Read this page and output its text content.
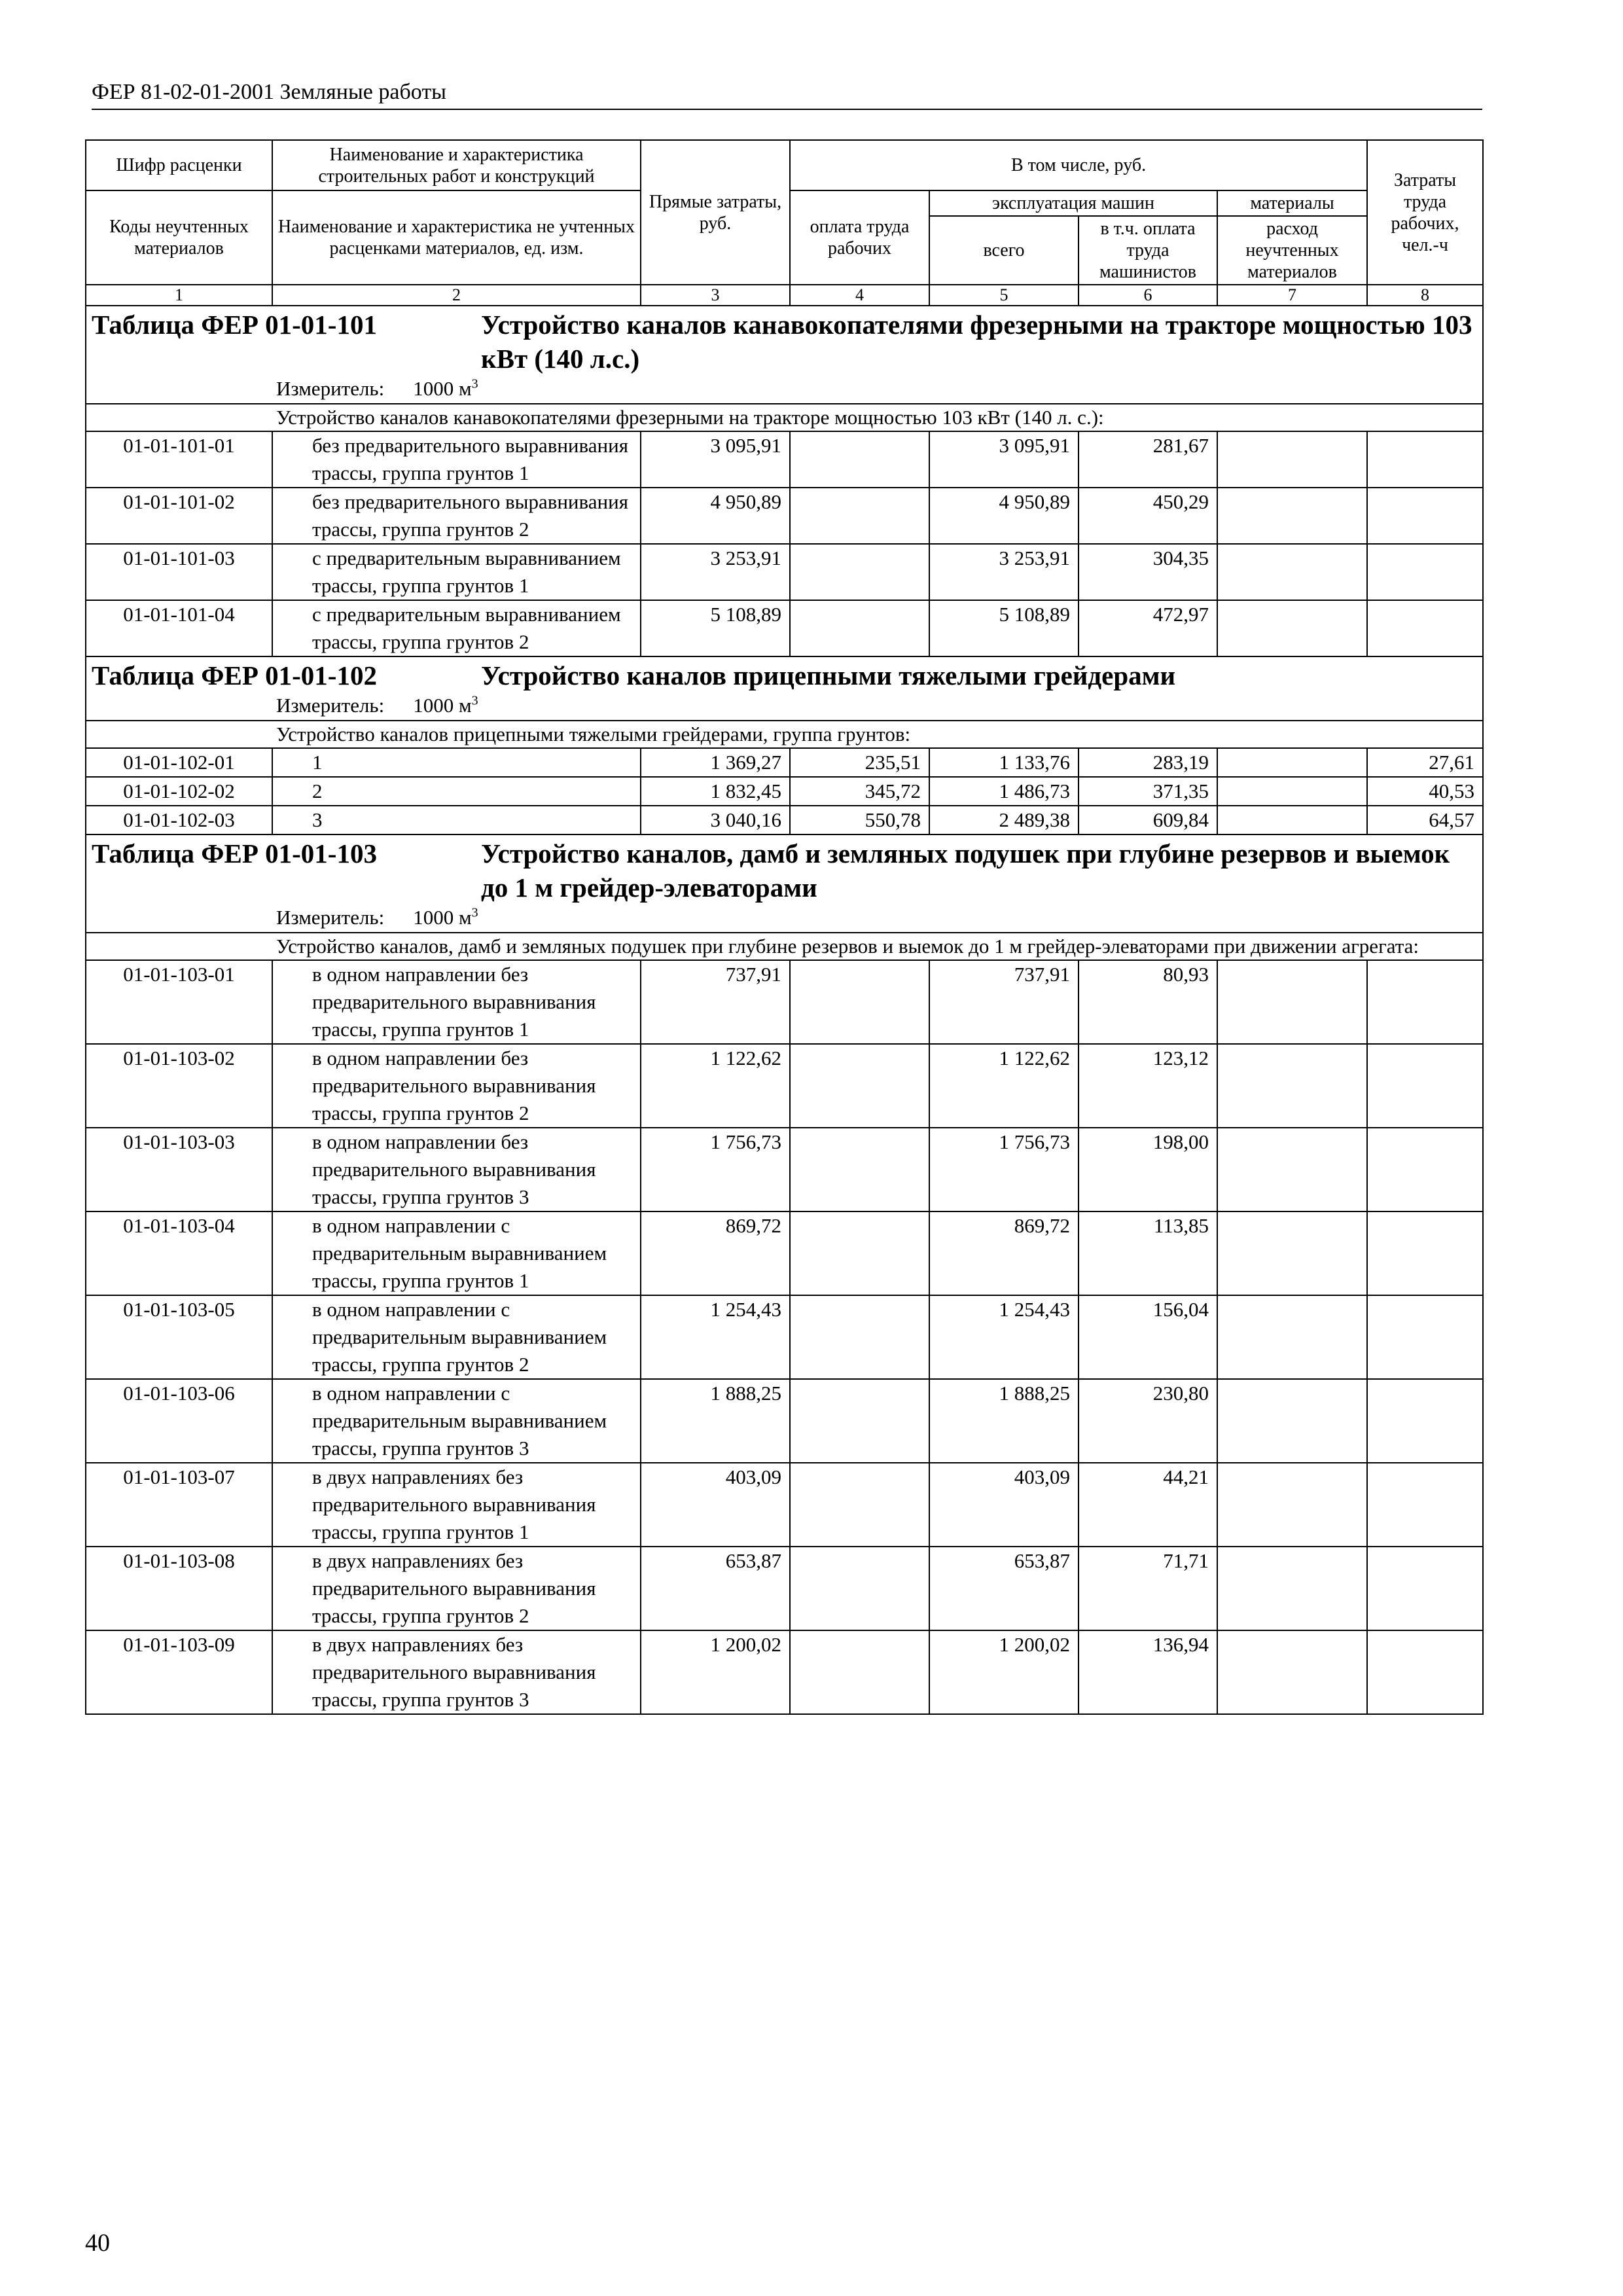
ФЕР 81-02-01-2001 Земляные работы
Шифр расценки	Наименование и характеристика строительных работ и конструкций	Прямые затраты, руб.	В том числе, руб.				Затраты труда рабочих, чел.-ч
Коды неучтенных материалов	Наименование и характеристика не учтенных расценками материалов, ед. изм.		оплата труда рабочих	эксплуатация машин		материалы	
				всего	в т.ч. оплата труда машинистов	расход неучтенных материалов	
1	2	3	4	5	6	7	8

Таблица ФЕР 01-01-101 Устройство каналов канавокопателями фрезерными на тракторе мощностью 103 кВт (140 л.с.)							

Измеритель: 1000 $м^3$
Устройство каналов канавокопателями фрезерными на тракторе мощностью 103 кВт (140 л. с.):							
01-01-101-01	без предварительного выравнивания трассы, группа грунтов 1	3 095,91		3 095,91	281,67		
01-01-101-02	без предварительного выравнивания трассы, группа грунтов 2	4 950,89		4 950,89	450,29		
01-01-101-03	с предварительным выравниванием трассы, группа грунтов 1	3 253,91		3 253,91	304,35		
01-01-101-04	с предварительным выравниванием трассы, группа грунтов 2	5 108,89		5 108,89	472,97		

Таблица ФЕР 01-01-102 Устройство каналов прицепными тяжелыми грейдерами							

Измеритель: 1000 $м^3$
Устройство каналов прицепными тяжелыми грейдерами, группа грунтов:							
01-01-102-01	1	1 369,27	235,51	1 133,76	283,19		27,61
01-01-102-02	2	1 832,45	345,72	1 486,73	371,35		40,53
01-01-102-03	3	3 040,16	550,78	2 489,38	609,84		64,57

Таблица ФЕР 01-01-103 Устройство каналов, дамб и земляных подушек при глубине резервов и выемок до 1 м грейдер-элеваторами							

Измеритель: 1000 $м^3$
Устройство каналов, дамб и земляных подушек при глубине резервов и выемок до 1 м грейдер-элеваторами при движении агрегата:							
01-01-103-01	в одном направлении без предварительного выравнивания трассы, группа грунтов 1	737,91		737,91	80,93		
01-01-103-02	в одном направлении без предварительного выравнивания трассы, группа грунтов 2	1 122,62		1 122,62	123,12		
01-01-103-03	в одном направлении без предварительного выравнивания трассы, группа грунтов 3	1 756,73		1 756,73	198,00		
01-01-103-04	в одном направлении с предварительным выравниванием трассы, группа грунтов 1	869,72		869,72	113,85		
01-01-103-05	в одном направлении с предварительным выравниванием трассы, группа грунтов 2	1 254,43		1 254,43	156,04		
01-01-103-06	в одном направлении с предварительным выравниванием трассы, группа грунтов 3	1 888,25		1 888,25	230,80		
01-01-103-07	в двух направлениях без предварительного выравнивания трассы, группа грунтов 1	403,09		403,09	44,21		
01-01-103-08	в двух направлениях без предварительного выравнивания трассы, группа грунтов 2	653,87		653,87	71,71		
01-01-103-09	в двух направлениях без предварительного выравнивания трассы, группа грунтов 3	1 200,02		1 200,02	136,94		
40
